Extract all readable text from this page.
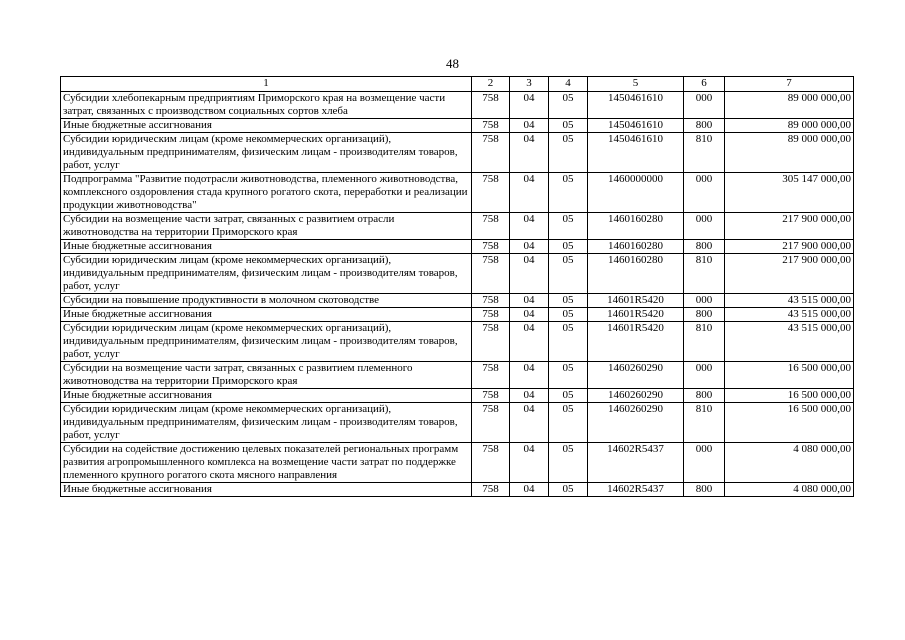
48
1	2	3	4	5	6	7
Субсидии хлебопекарным предприятиям Приморского края на возмещение части затрат, связанных с производством социальных сортов хлеба	758	04	05	1450461610	000	89 000 000,00
Иные бюджетные ассигнования	758	04	05	1450461610	800	89 000 000,00
Субсидии юридическим лицам (кроме некоммерческих организаций), индивидуальным предпринимателям, физическим лицам - производителям товаров, работ, услуг	758	04	05	1450461610	810	89 000 000,00
Подпрограмма "Развитие подотрасли животноводства, племенного животноводства, комплексного оздоровления стада крупного рогатого скота, переработки и реализации продукции животноводства"	758	04	05	1460000000	000	305 147 000,00
Субсидии на возмещение части затрат, связанных с развитием отрасли животноводства на территории Приморского края	758	04	05	1460160280	000	217 900 000,00
Иные бюджетные ассигнования	758	04	05	1460160280	800	217 900 000,00
Субсидии юридическим лицам (кроме некоммерческих организаций), индивидуальным предпринимателям, физическим лицам - производителям товаров, работ, услуг	758	04	05	1460160280	810	217 900 000,00
Субсидии на повышение продуктивности в молочном скотоводстве	758	04	05	14601R5420	000	43 515 000,00
Иные бюджетные ассигнования	758	04	05	14601R5420	800	43 515 000,00
Субсидии юридическим лицам (кроме некоммерческих организаций), индивидуальным предпринимателям, физическим лицам - производителям товаров, работ, услуг	758	04	05	14601R5420	810	43 515 000,00
Субсидии на возмещение части затрат, связанных с развитием племенного животноводства на территории Приморского края	758	04	05	1460260290	000	16 500 000,00
Иные бюджетные ассигнования	758	04	05	1460260290	800	16 500 000,00
Субсидии юридическим лицам (кроме некоммерческих организаций), индивидуальным предпринимателям, физическим лицам - производителям товаров, работ, услуг	758	04	05	1460260290	810	16 500 000,00
Субсидии на содействие достижению целевых показателей региональных программ развития агропромышленного комплекса на возмещение части затрат по поддержке племенного крупного рогатого скота мясного направления	758	04	05	14602R5437	000	4 080 000,00
Иные бюджетные ассигнования	758	04	05	14602R5437	800	4 080 000,00
